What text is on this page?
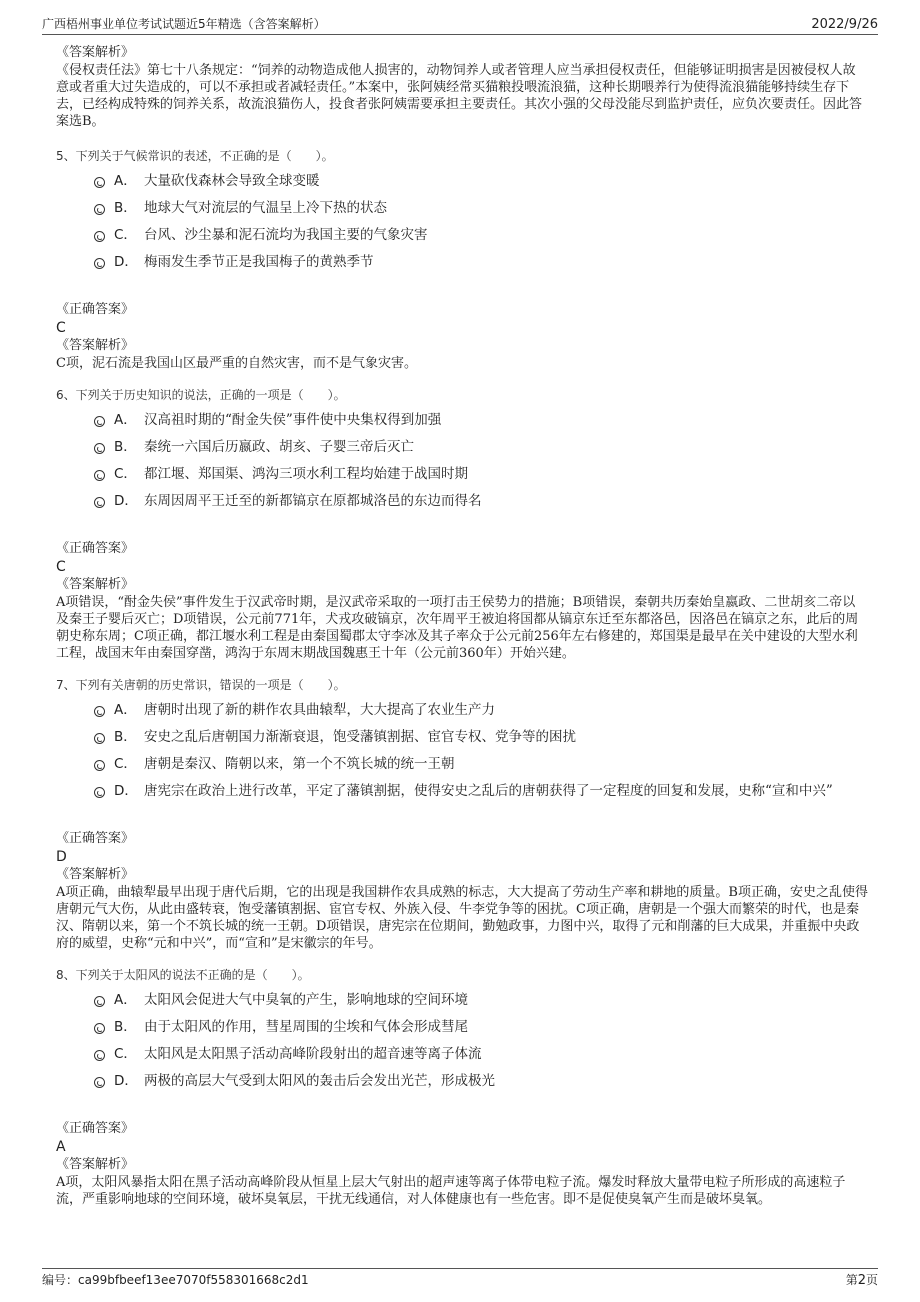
广西梧州事业单位考试试题近5年精选（含答案解析）	2022/9/26
《答案解析》

《侵权责任法》第七十八条规定：“饲养的动物造成他人损害的，动物饲养人或者管理人应当承担侵权责任，但能够证明损害是因被侵权人故意或者重大过失造成的，可以不承担或者减轻责任。”本案中，张阿姨经常买猫粮投喂流浪猫，这种长期喂养行为使得流浪猫能够持续生存下去，已经构成特殊的饲养关系，故流浪猫伤人，投食者张阿姨需要承担主要责任。其次小强的父母没能尽到监护责任，应负次要责任。因此答案选B。

5、下列关于气候常识的表述，不正确的是（　　）。
A． 大量砍伐森林会导致全球变暖
B． 地球大气对流层的气温呈上冷下热的状态
C． 台风、沙尘暴和泥石流均为我国主要的气象灾害
D． 梅雨发生季节正是我国梅子的黄熟季节
《正确答案》
C
《答案解析》

C项，泥石流是我国山区最严重的自然灾害，而不是气象灾害。

6、下列关于历史知识的说法，正确的一项是（　　）。
A． 汉高祖时期的“酎金失侯”事件使中央集权得到加强
B． 秦统一六国后历嬴政、胡亥、子婴三帝后灭亡
C． 都江堰、郑国渠、鸿沟三项水利工程均始建于战国时期
D． 东周因周平王迁至的新都镐京在原都城洛邑的东边而得名
《正确答案》
C
《答案解析》

A项错误，“酎金失侯”事件发生于汉武帝时期，是汉武帝采取的一项打击王侯势力的措施；B项错误，秦朝共历秦始皇嬴政、二世胡亥二帝以及秦王子婴后灭亡；D项错误，公元前771年，犬戎攻破镐京，次年周平王被迫将国都从镐京东迁至东都洛邑，因洛邑在镐京之东，此后的周朝史称东周；C项正确，都江堰水利工程是由秦国蜀郡太守李冰及其子率众于公元前256年左右修建的，郑国渠是最早在关中建设的大型水利工程，战国末年由秦国穿凿，鸿沟于东周末期战国魏惠王十年（公元前360年）开始兴建。

7、下列有关唐朝的历史常识，错误的一项是（　　）。
A． 唐朝时出现了新的耕作农具曲辕犁，大大提高了农业生产力
B． 安史之乱后唐朝国力渐渐衰退，饱受藩镇割据、宦官专权、党争等的困扰
C． 唐朝是秦汉、隋朝以来，第一个不筑长城的统一王朝
D． 唐宪宗在政治上进行改革，平定了藩镇割据，使得安史之乱后的唐朝获得了一定程度的回复和发展，史称“宣和中兴”
《正确答案》
D
《答案解析》

A项正确，曲辕犁最早出现于唐代后期，它的出现是我国耕作农具成熟的标志，大大提高了劳动生产率和耕地的质量。B项正确，安史之乱使得唐朝元气大伤，从此由盛转衰，饱受藩镇割据、宦官专权、外族入侵、牛李党争等的困扰。C项正确，唐朝是一个强大而繁荣的时代，也是秦汉、隋朝以来，第一个不筑长城的统一王朝。D项错误，唐宪宗在位期间，勤勉政事，力图中兴，取得了元和削藩的巨大成果，并重振中央政府的威望，史称“元和中兴”，而“宣和”是宋徽宗的年号。

8、下列关于太阳风的说法不正确的是（　　）。
A． 太阳风会促进大气中臭氧的产生，影响地球的空间环境
B． 由于太阳风的作用，彗星周围的尘埃和气体会形成彗尾
C． 太阳风是太阳黑子活动高峰阶段射出的超音速等离子体流
D． 两极的高层大气受到太阳风的轰击后会发出光芒，形成极光
《正确答案》
A
《答案解析》

A项，太阳风暴指太阳在黑子活动高峰阶段从恒星上层大气射出的超声速等离子体带电粒子流。爆发时释放大量带电粒子所形成的高速粒子流，严重影响地球的空间环境，破坏臭氧层，干扰无线通信，对人体健康也有一些危害。即不是促使臭氧产生而是破坏臭氧。

编号：ca99bfbeef13ee7070f558301668c2d1	第2页
